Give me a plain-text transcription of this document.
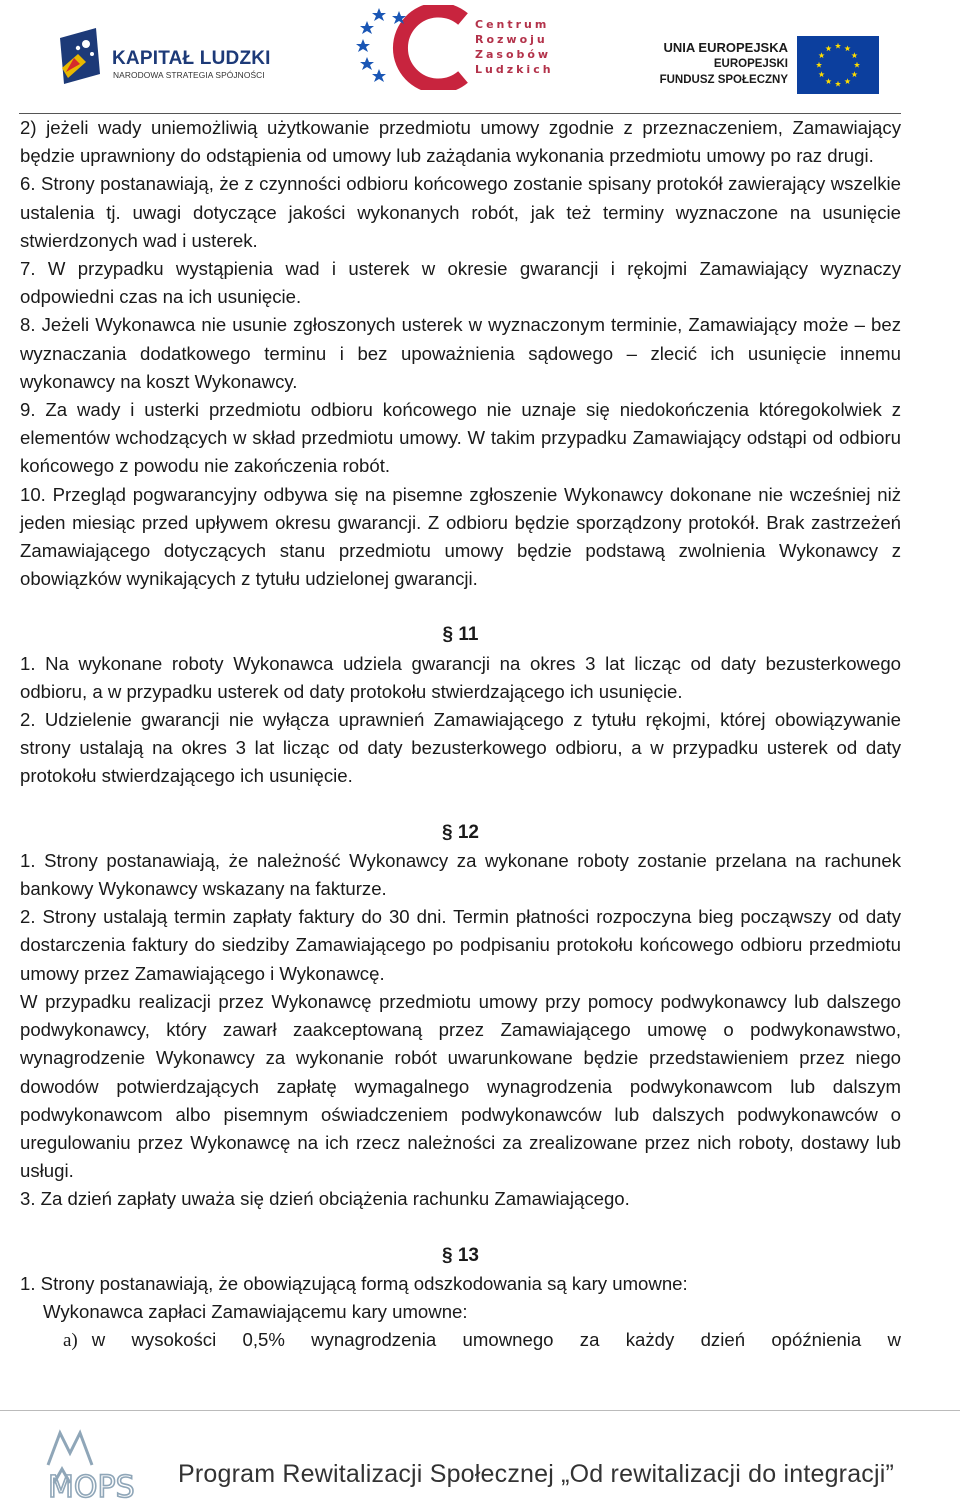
KAPITAŁ LUDZKI
NARODOWA STRATEGIA SPÓJNOŚCI
Centrum
Rozwoju
Zasobów
Ludzkich
UNIA EUROPEJSKA
EUROPEJSKI
FUNDUSZ SPOŁECZNY

2) jeżeli wady uniemożliwią użytkowanie przedmiotu umowy zgodnie z przeznaczeniem, Zamawiający będzie uprawniony do odstąpienia od umowy lub zażądania wykonania przedmiotu umowy po raz drugi.

6. Strony postanawiają, że z czynności odbioru końcowego zostanie spisany protokół zawierający wszelkie ustalenia tj. uwagi dotyczące jakości wykonanych robót, jak też terminy wyznaczone na usunięcie stwierdzonych wad i usterek.

7. W przypadku wystąpienia wad i usterek w okresie gwarancji i rękojmi Zamawiający wyznaczy odpowiedni czas na ich usunięcie.

8. Jeżeli Wykonawca nie usunie zgłoszonych usterek w wyznaczonym terminie, Zamawiający może – bez wyznaczania dodatkowego terminu i bez upoważnienia sądowego – zlecić ich usunięcie innemu wykonawcy na koszt Wykonawcy.

9. Za wady i usterki przedmiotu odbioru końcowego nie uznaje się niedokończenia któregokolwiek z elementów wchodzących w skład przedmiotu umowy. W takim przypadku Zamawiający odstąpi od odbioru końcowego z powodu nie zakończenia robót.

10. Przegląd pogwarancyjny odbywa się na pisemne zgłoszenie Wykonawcy dokonane nie wcześniej niż jeden miesiąc przed upływem okresu gwarancji. Z odbioru będzie sporządzony protokół. Brak zastrzeżeń Zamawiającego dotyczących stanu przedmiotu umowy będzie podstawą zwolnienia Wykonawcy z obowiązków wynikających z tytułu udzielonej gwarancji.

§ 11

1. Na wykonane roboty Wykonawca udziela gwarancji na okres 3 lat licząc od daty bezusterkowego odbioru, a w przypadku usterek od daty protokołu stwierdzającego ich usunięcie.

2. Udzielenie gwarancji nie wyłącza uprawnień Zamawiającego z tytułu rękojmi, której obowiązywanie strony ustalają na okres 3 lat licząc od daty bezusterkowego odbioru, a w przypadku usterek od daty protokołu stwierdzającego ich usunięcie.

§ 12

1. Strony postanawiają, że należność Wykonawcy za wykonane roboty zostanie przelana na rachunek bankowy Wykonawcy wskazany na fakturze.

2. Strony ustalają termin zapłaty faktury do 30 dni. Termin płatności rozpoczyna bieg począwszy od daty dostarczenia faktury do siedziby Zamawiającego po podpisaniu protokołu końcowego odbioru przedmiotu umowy przez Zamawiającego i Wykonawcę.

W przypadku realizacji przez Wykonawcę przedmiotu umowy przy pomocy podwykonawcy lub dalszego podwykonawcy, który zawarł zaakceptowaną przez Zamawiającego umowę o podwykonawstwo, wynagrodzenie Wykonawcy za wykonanie robót uwarunkowane będzie przedstawieniem przez niego dowodów potwierdzających zapłatę wymagalnego wynagrodzenia podwykonawcom lub dalszym podwykonawcom albo pisemnym oświadczeniem podwykonawców lub dalszych podwykonawców o uregulowaniu przez Wykonawcę na ich rzecz należności za zrealizowane przez nich roboty, dostawy lub usługi.

3. Za dzień zapłaty uważa się dzień obciążenia rachunku Zamawiającego.

§ 13

1. Strony postanawiają, że obowiązującą formą odszkodowania są kary umowne:

Wykonawca zapłaci Zamawiającemu kary umowne:

a) w wysokości 0,5% wynagrodzenia umownego za każdy dzień opóźnienia w

MOPS Program Rewitalizacji Społecznej „Od rewitalizacji do integracji”
